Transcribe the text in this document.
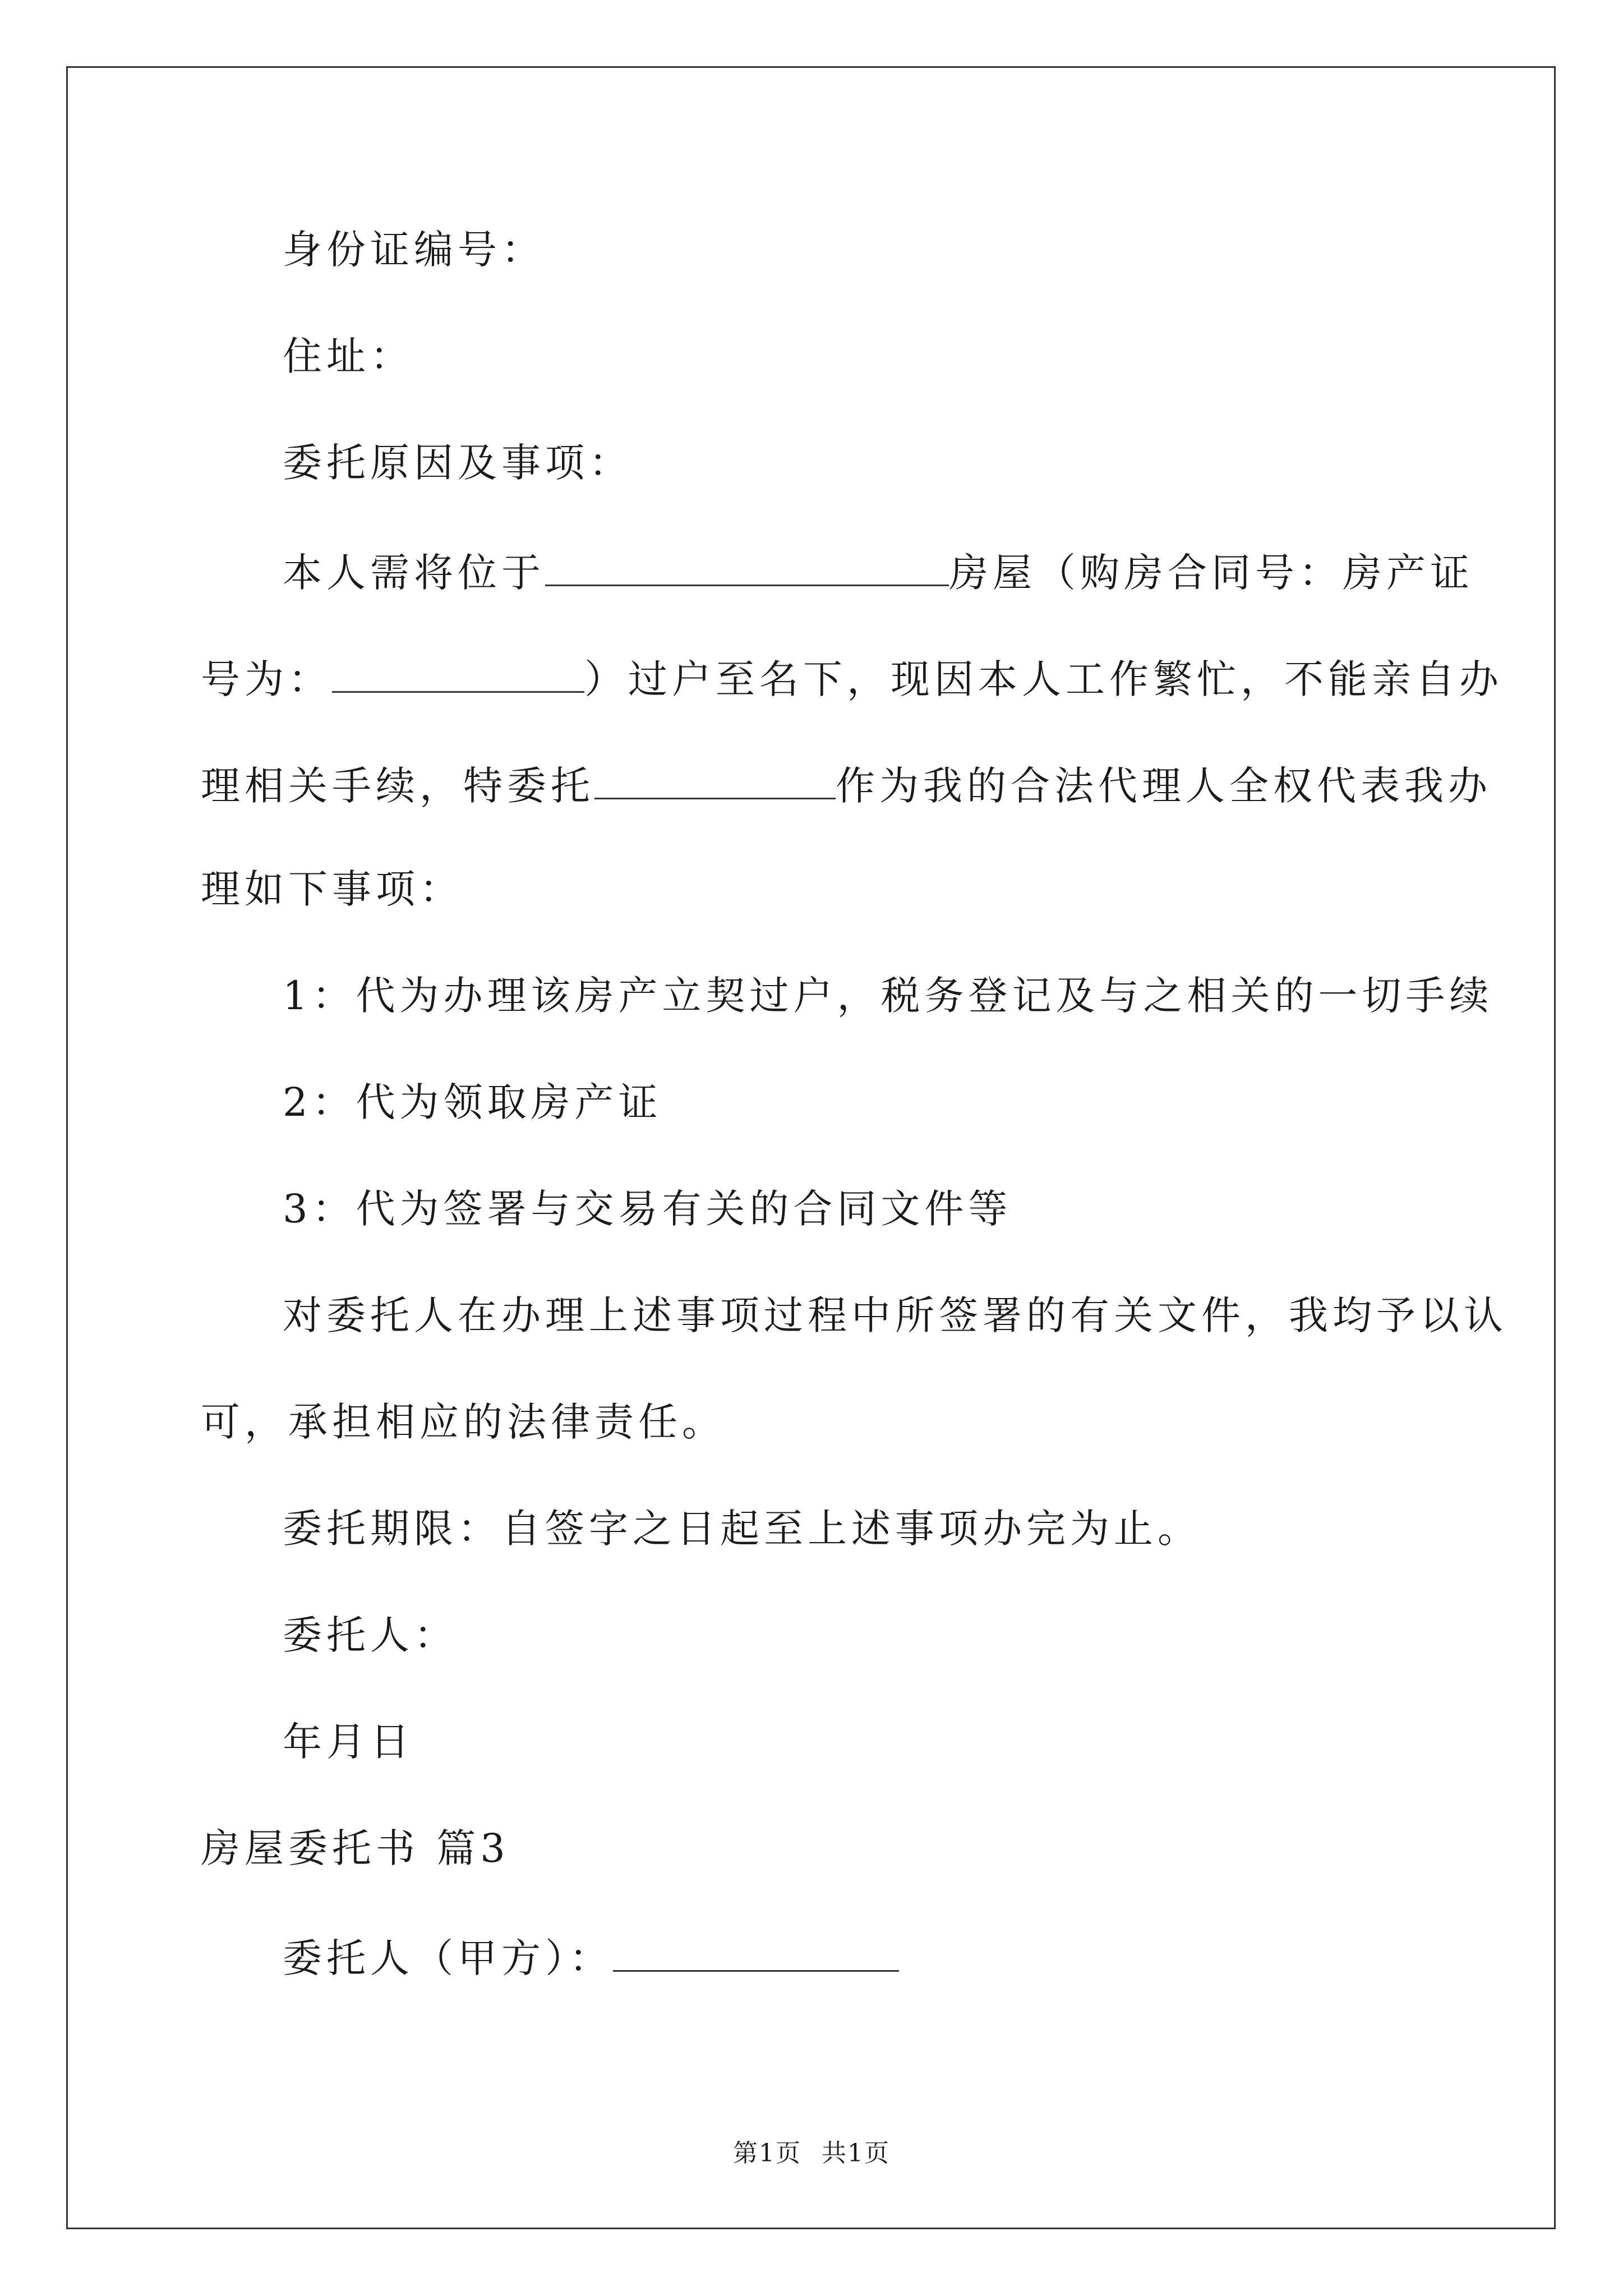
身份证编号：
住址：
委托原因及事项：
本人需将位于	房屋（购房合同号：房产证
号为：	）过户至名下，现因本人工作繁忙，不能亲自办
理相关手续，特委托	作为我的合法代理人全权代表我办
理如下事项：
1：代为办理该房产立契过户，税务登记及与之相关的一切手续
2：代为领取房产证
3：代为签署与交易有关的合同文件等
对委托人在办理上述事项过程中所签署的有关文件，我均予以认
可，承担相应的法律责任。
委托期限：自签字之日起至上述事项办完为止。
委托人：
年月日
房屋委托书 篇3
委托人（甲方）：
第1页 共1页
